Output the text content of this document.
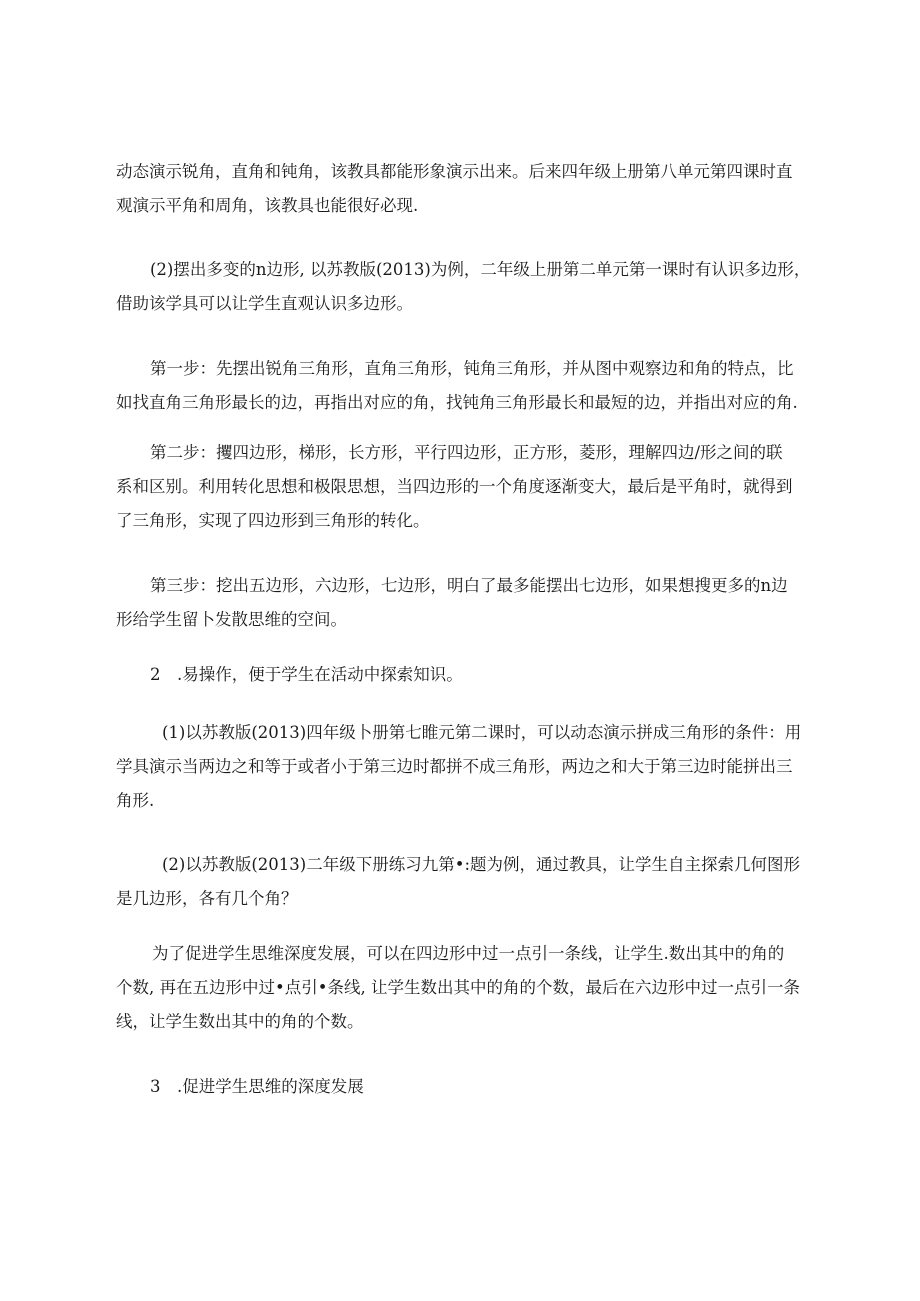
动态演示锐角，直角和钝角，该教具都能形象演示出来。后来四年级上册第八单元第四课时直
观演示平角和周角，该教具也能很好必现.
(2)摆出多变的n边形, 以苏教版(2013)为例，二年级上册第二单元第一课时有认识多边形，
借助该学具可以让学生直观认识多边形。
第一步：先摆出锐角三角形，直角三角形，钝角三角形，并从图中观察边和角的特点，比
如找直角三角形最长的边，再指出对应的角，找钝角三角形最长和最短的边，并指出对应的角.
第二步：攫四边形，梯形，长方形，平行四边形，正方形，菱形，理解四边/形之间的联
系和区别。利用转化思想和极限思想，当四边形的一个角度逐渐变大，最后是平角时，就得到
了三角形，实现了四边形到三角形的转化。
第三步：挖出五边形，六边形，七边形，明白了最多能摆出七边形，如果想搜更多的n边
形给学生留卜发散思维的空间。
2　.易操作，便于学生在活动中探索知识。
(1)以苏教版(2013)四年级卜册第七睢元第二课时，可以动态演示拼成三角形的条件：用
学具演示当两边之和等于或者小于第三边时都拼不成三角形，两边之和大于第三边时能拼出三
角形.
(2)以苏教版(2013)二年级下册练习九第•:题为例，通过教具，让学生自主探索几何图形
是几边形，各有几个角？
为了促进学生思维深度发展，可以在四边形中过一点引一条线，让学生.数出其中的角的
个数, 再在五边形中过•点引•条线, 让学生数出其中的角的个数，最后在六边形中过一点引一条
线，让学生数出其中的角的个数。
3　.促进学生思维的深度发展
